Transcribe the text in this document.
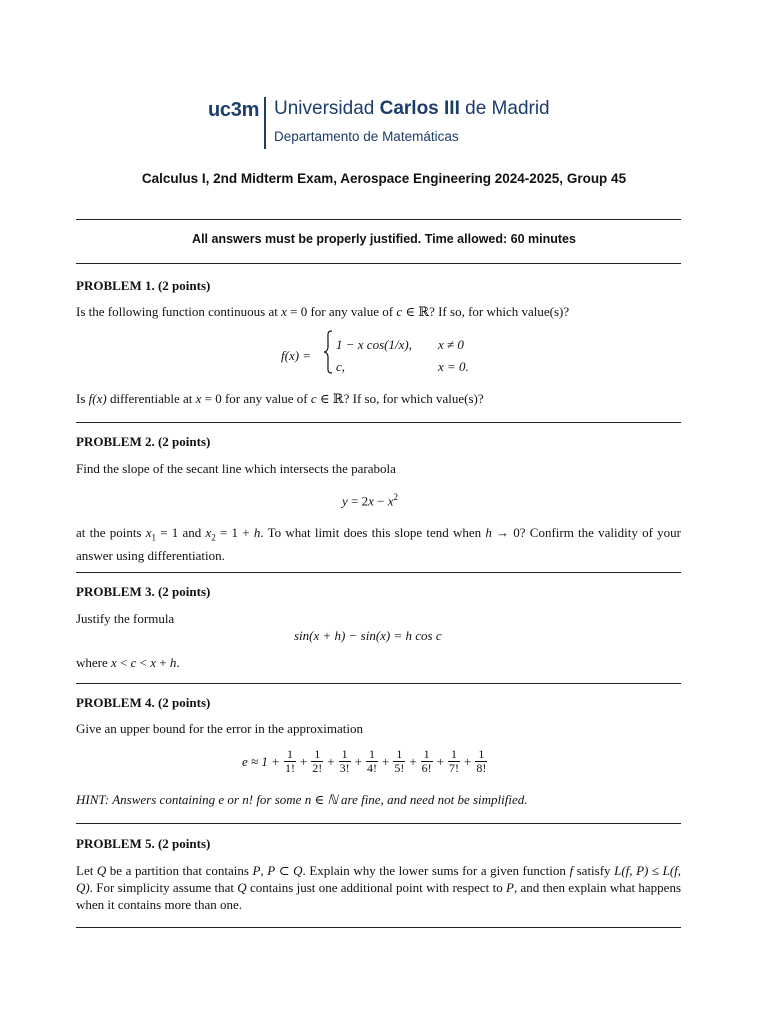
uc3m Universidad Carlos III de Madrid
Departamento de Matemáticas
Calculus I, 2nd Midterm Exam, Aerospace Engineering 2024-2025, Group 45
All answers must be properly justified. Time allowed: 60 minutes
PROBLEM 1. (2 points)
Is the following function continuous at x = 0 for any value of c ∈ ℝ? If so, for which value(s)?
f(x) =
1 − x cos(1/x), x ≠ 0
c,	x = 0.
Is f(x) differentiable at x = 0 for any value of c ∈ ℝ? If so, for which value(s)?
PROBLEM 2. (2 points)
Find the slope of the secant line which intersects the parabola
$y = 2x - x^2$
at the points $x_1 = 1$ and $x_2 = 1 + h$. To what limit does this slope tend when h → 0? Confirm the validity of your answer using differentiation.
PROBLEM 3. (2 points)
Justify the formula
sin(x + h) − sin(x) = h cos c
where x < c < x + h.
PROBLEM 4. (2 points)
Give an upper bound for the error in the approximation
$e \approx 1 + \frac{1}{1!} + \frac{1}{2!} + \frac{1}{3!} + \frac{1}{4!} + \frac{1}{5!} + \frac{1}{6!} + \frac{1}{7!} + \frac{1}{8!}$
HINT: Answers containing e or n! for some n ∈ ℕ are fine, and need not be simplified.
PROBLEM 5. (2 points)
Let Q be a partition that contains P, P ⊂ Q. Explain why the lower sums for a given function f satisfy L(f, P) ≤ L(f, Q). For simplicity assume that Q contains just one additional point with respect to P, and then explain what happens when it contains more than one.
